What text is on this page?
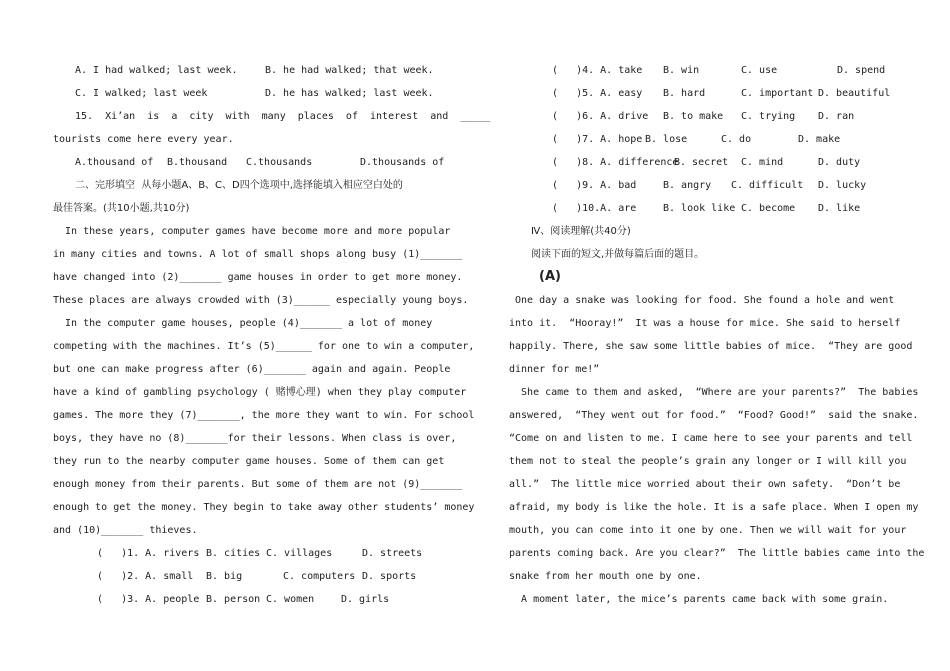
A. I had walked; last week.	B. he had walked; that week.
C. I walked; last week	D. he has walked; last week.
15.  Xi’an  is  a  city  with  many  places  of  interest  and  _____
tourists come here every year.
A.thousand of B.thousand C.thousands	D.thousands of
二、完形填空  从每小题A、B、C、D四个选项中,选择能填入相应空白处的
最佳答案。(共10小题,共10分)
In these years, computer games have become more and more popular
in many cities and towns. A lot of small shops along busy (1)_______
have changed into (2)_______ game houses in order to get more money.
These places are always crowded with (3)______ especially young boys.
In the computer game houses, people (4)_______ a lot of money
competing with the machines. It’s (5)______ for one to win a computer,
but one can make progress after (6)_______ again and again. People
have a kind of gambling psychology ( 赌博心理) when they play computer
games. The more they (7)_______, the more they want to win. For school
boys, they have no (8)_______for their lessons. When class is over,
they run to the nearby computer game houses. Some of them can get
enough money from their parents. But some of them are not (9)_______
enough to get the money. They begin to take away other students’ money
and (10)_______ thieves.
(   )1. A. rivers B. cities C. villages	D. streets
(   )2. A. small B. big	C. computers D. sports
(   )3. A. people B. person C. women	D. girls
(   )4. A. take B. win	C. use	D. spend
(   )5. A. easy B. hard	C. important D. beautiful
(   )6. A. drive B. to make C. trying D. ran
(   )7. A. hope B. lose	C. do	D. make
(   )8. A. difference
B. secret C. mind	D. duty
(   )9. A. bad	B. angry C. difficult D. lucky
(   )10.A. are	B. look like C. become D. like
Ⅳ、阅读理解(共40分)
阅读下面的短文,并做每篇后面的题目。
(A)
One day a snake was looking for food. She found a hole and went
into it.  “Hooray!”  It was a house for mice. She said to herself
happily. There, she saw some little babies of mice.  “They are good
dinner for me!”
She came to them and asked,  “Where are your parents?”  The babies
answered,  “They went out for food.”  “Food? Good!”  said the snake.
“Come on and listen to me. I came here to see your parents and tell
them not to steal the people’s grain any longer or I will kill you
all.”  The little mice worried about their own safety.  “Don’t be
afraid, my body is like the hole. It is a safe place. When I open my
mouth, you can come into it one by one. Then we will wait for your
parents coming back. Are you clear?”  The little babies came into the
snake from her mouth one by one.
A moment later, the mice’s parents came back with some grain.
